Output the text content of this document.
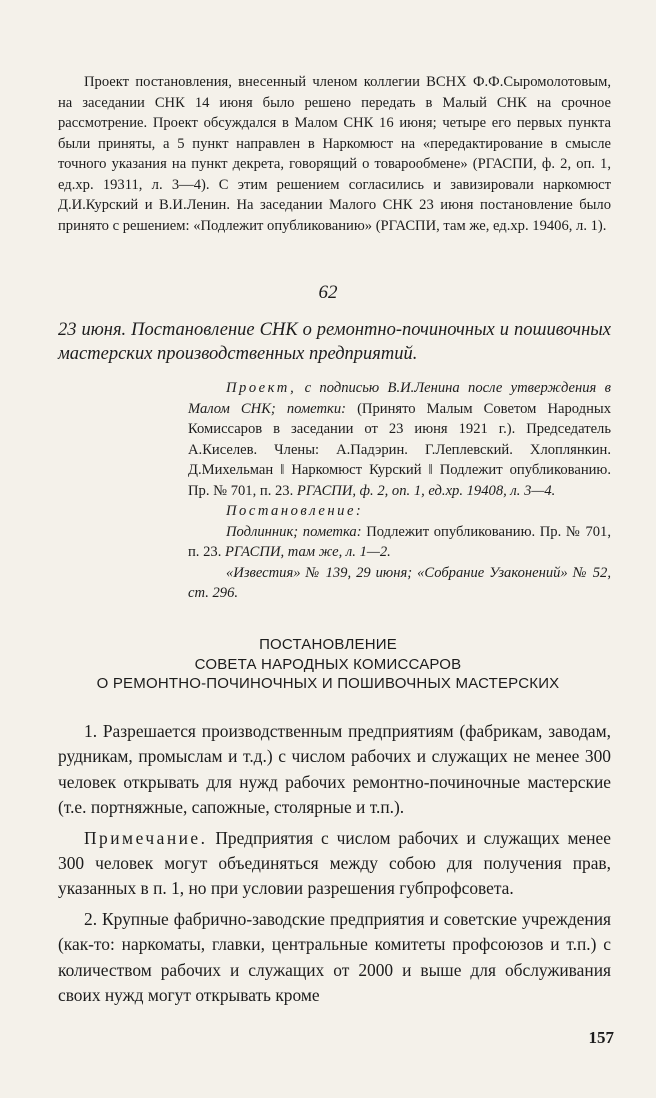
Проект постановления, внесенный членом коллегии ВСНХ Ф.Ф.Сыромолотовым, на заседании СНК 14 июня было решено передать в Малый СНК на срочное рассмотрение. Проект обсуждался в Малом СНК 16 июня; четыре его первых пункта были приняты, а 5 пункт направлен в Наркомюст на «передактирование в смысле точного указания на пункт декрета, говорящий о товарообмене» (РГАСПИ, ф. 2, оп. 1, ед.хр. 19311, л. 3—4). С этим решением согласились и завизировали наркомюст Д.И.Курский и В.И.Ленин. На заседании Малого СНК 23 июня постановление было принято с решением: «Подлежит опубликованию» (РГАСПИ, там же, ед.хр. 19406, л. 1).

62

23 июня. Постановление СНК о ремонтно-починочных и пошивочных мастерских производственных предприятий.

Проект, с подписью В.И.Ленина после утверждения в Малом СНК; пометки: (Принято Малым Советом Народных Комиссаров в заседании от 23 июня 1921 г.). Председатель А.Киселев. Члены: А.Падэрин. Г.Леплевский. Хлоплянкин. Д.Михельман ‖ Наркомюст Курский ‖ Подлежит опубликованию. Пр. № 701, п. 23. РГАСПИ, ф. 2, оп. 1, ед.хр. 19408, л. 3—4.

Постановление:

Подлинник; пометка: Подлежит опубликованию. Пр. № 701, п. 23. РГАСПИ, там же, л. 1—2.

«Известия» № 139, 29 июня; «Собрание Узаконений» № 52, ст. 296.

ПОСТАНОВЛЕНИЕ
СОВЕТА НАРОДНЫХ КОМИССАРОВ
О РЕМОНТНО-ПОЧИНОЧНЫХ И ПОШИВОЧНЫХ МАСТЕРСКИХ

1. Разрешается производственным предприятиям (фабрикам, заводам, рудникам, промыслам и т.д.) с числом рабочих и служащих не менее 300 человек открывать для нужд рабочих ремонтно-починочные мастерские (т.е. портняжные, сапожные, столярные и т.п.).

Примечание. Предприятия с числом рабочих и служащих менее 300 человек могут объединяться между собою для получения прав, указанных в п. 1, но при условии разрешения губпрофсовета.

2. Крупные фабрично-заводские предприятия и советские учреждения (как-то: наркоматы, главки, центральные комитеты профсоюзов и т.п.) с количеством рабочих и служащих от 2000 и выше для обслуживания своих нужд могут открывать кроме

157
